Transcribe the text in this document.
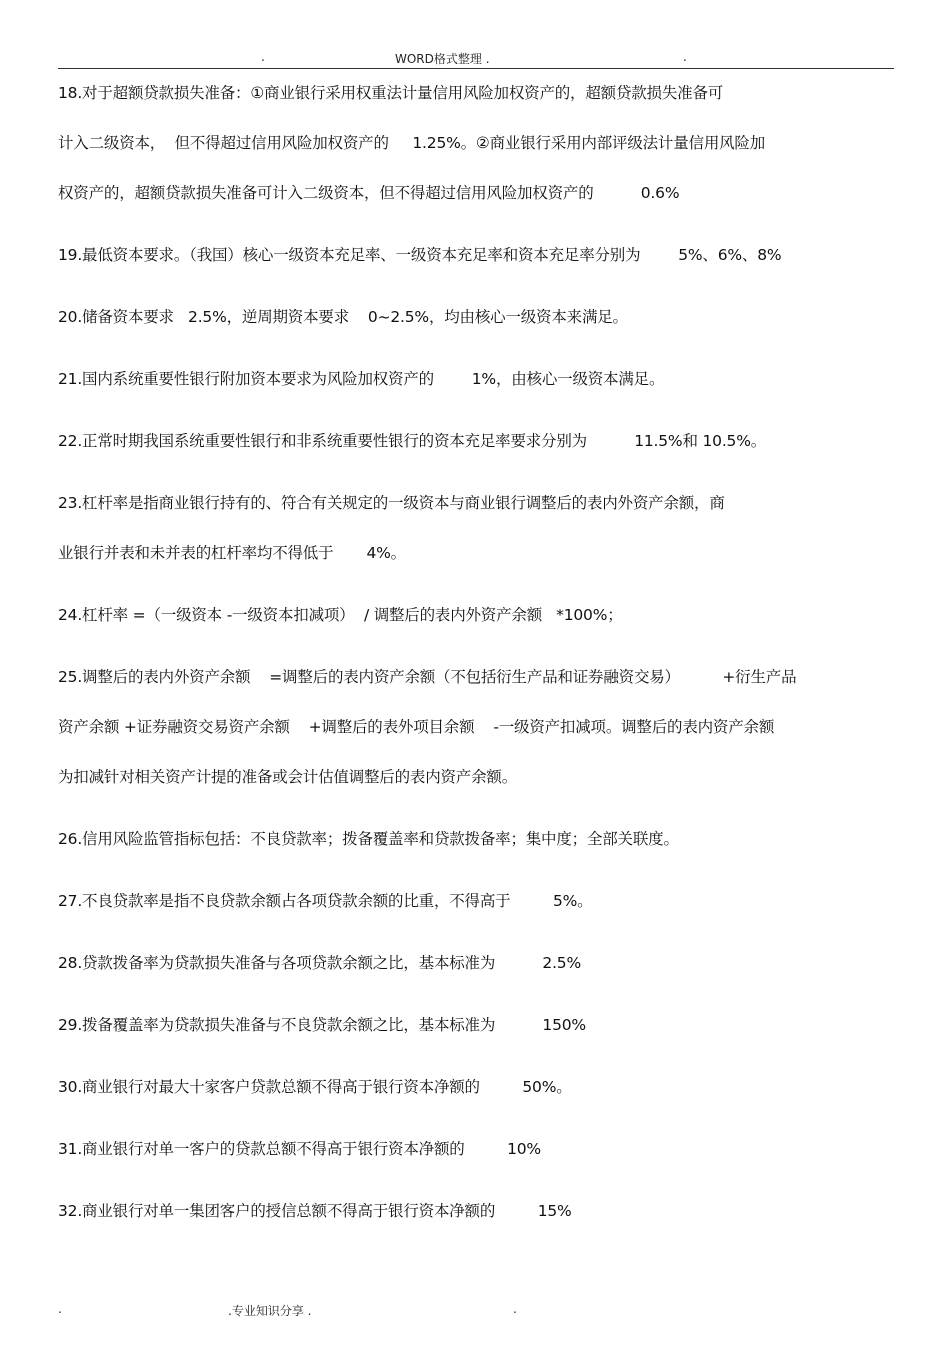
.	WORD格式整理 .	.
18.对于超额贷款损失准备：①商业银行采用权重法计量信用风险加权资产的，超额贷款损失准备可
计入二级资本，  但不得超过信用风险加权资产的     1.25%。②商业银行采用内部评级法计量信用风险加
权资产的，超额贷款损失准备可计入二级资本，但不得超过信用风险加权资产的          0.6%
19.最低资本要求。（我国）核心一级资本充足率、一级资本充足率和资本充足率分别为        5%、6%、8%
20.储备资本要求   2.5%，逆周期资本要求    0~2.5%，均由核心一级资本来满足。
21.国内系统重要性银行附加资本要求为风险加权资产的        1%，由核心一级资本满足。
22.正常时期我国系统重要性银行和非系统重要性银行的资本充足率要求分别为          11.5%和 10.5%。
23.杠杆率是指商业银行持有的、符合有关规定的一级资本与商业银行调整后的表内外资产余额，商
业银行并表和未并表的杠杆率均不得低于       4%。
24.杠杆率 =（一级资本 -一级资本扣减项）  / 调整后的表内外资产余额   *100%；
25.调整后的表内外资产余额    =调整后的表内资产余额（不包括衍生产品和证券融资交易）         +衍生产品
资产余额 +证券融资交易资产余额    +调整后的表外项目余额    -一级资产扣减项。调整后的表内资产余额
为扣减针对相关资产计提的准备或会计估值调整后的表内资产余额。
26.信用风险监管指标包括：不良贷款率；拨备覆盖率和贷款拨备率；集中度；全部关联度。
27.不良贷款率是指不良贷款余额占各项贷款余额的比重，不得高于         5%。
28.贷款拨备率为贷款损失准备与各项贷款余额之比，基本标准为          2.5%
29.拨备覆盖率为贷款损失准备与不良贷款余额之比，基本标准为          150%
30.商业银行对最大十家客户贷款总额不得高于银行资本净额的         50%。
31.商业银行对单一客户的贷款总额不得高于银行资本净额的         10%
32.商业银行对单一集团客户的授信总额不得高于银行资本净额的         15%
.	.专业知识分享 .	.
